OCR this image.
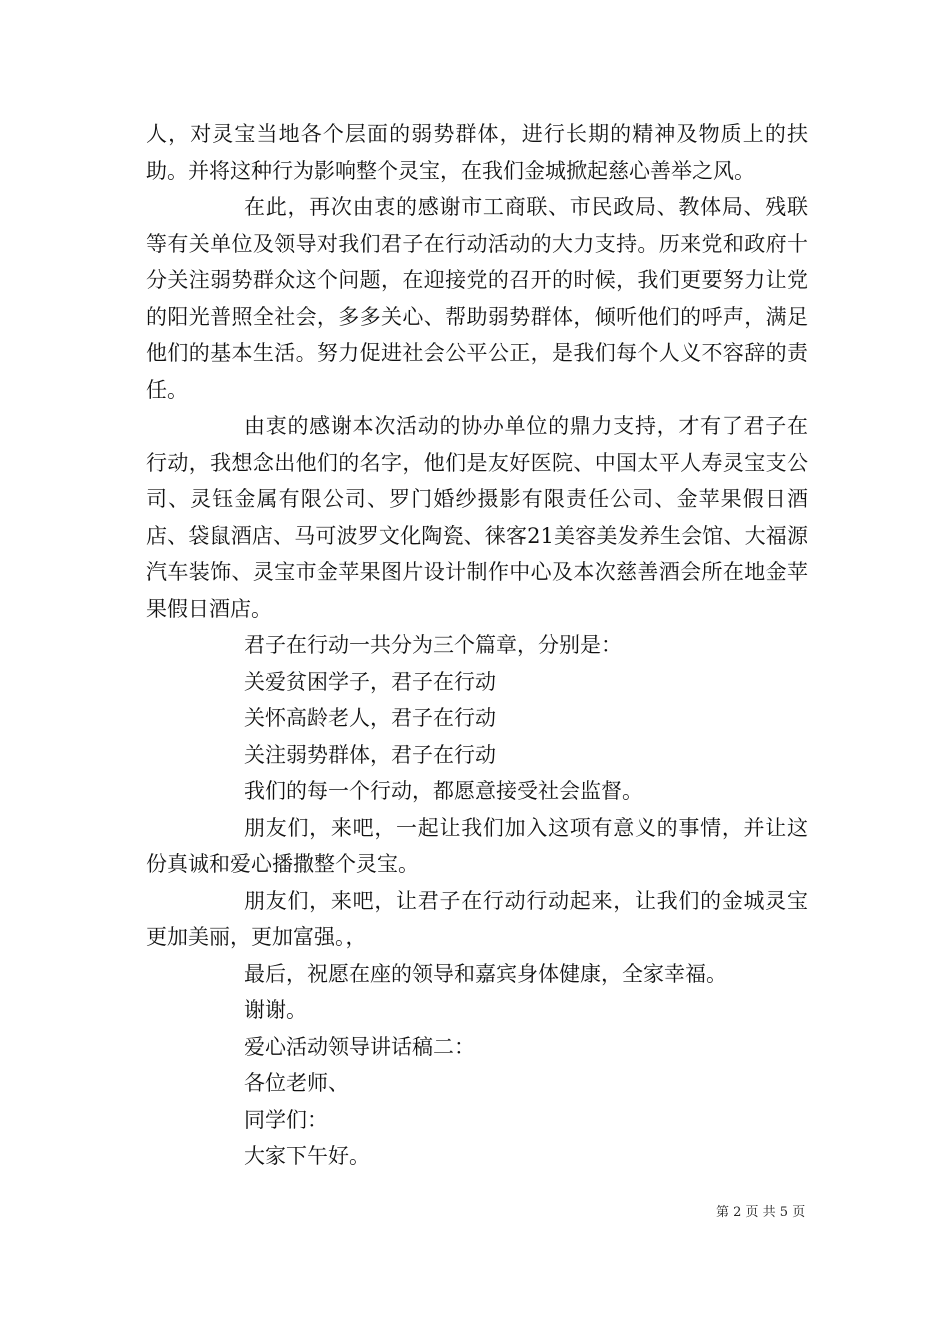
人，对灵宝当地各个层面的弱势群体，进行长期的精神及物质上的扶助。并将这种行为影响整个灵宝，在我们金城掀起慈心善举之风。

在此，再次由衷的感谢市工商联、市民政局、教体局、残联等有关单位及领导对我们君子在行动活动的大力支持。历来党和政府十分关注弱势群众这个问题，在迎接党的召开的时候，我们更要努力让党的阳光普照全社会，多多关心、帮助弱势群体，倾听他们的呼声，满足他们的基本生活。努力促进社会公平公正，是我们每个人义不容辞的责任。

由衷的感谢本次活动的协办单位的鼎力支持，才有了君子在行动，我想念出他们的名字，他们是友好医院、中国太平人寿灵宝支公司、灵钰金属有限公司、罗门婚纱摄影有限责任公司、金苹果假日酒店、袋鼠酒店、马可波罗文化陶瓷、徕客21美容美发养生会馆、大福源汽车装饰、灵宝市金苹果图片设计制作中心及本次慈善酒会所在地金苹果假日酒店。

君子在行动一共分为三个篇章，分别是：

关爱贫困学子，君子在行动

关怀高龄老人，君子在行动

关注弱势群体，君子在行动

我们的每一个行动，都愿意接受社会监督。

朋友们，来吧，一起让我们加入这项有意义的事情，并让这份真诚和爱心播撒整个灵宝。

朋友们，来吧，让君子在行动行动起来，让我们的金城灵宝更加美丽，更加富强。，

最后，祝愿在座的领导和嘉宾身体健康，全家幸福。

谢谢。

爱心活动领导讲话稿二：

各位老师、

同学们：

大家下午好。

第 2 页 共 5 页
